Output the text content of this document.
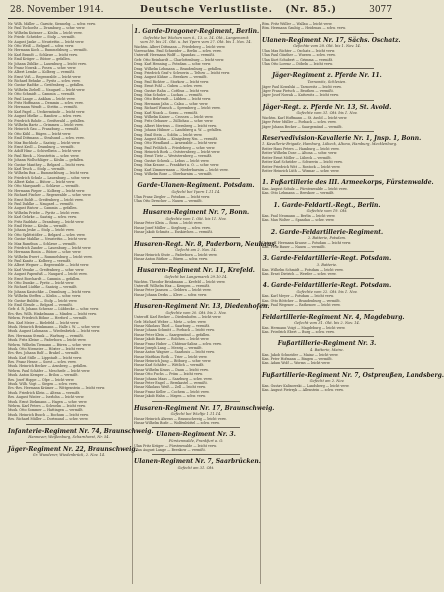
28. November 1914.	Deutsche Verlustliste. (Nr. 85.)	3077
Nr. Wilh. Mäller — Garnitz, Siennebg. — schw. verw.
Nr. Paul Tschoeltz — Dramburg — schw. verw.
Nr. Wilhelm Kutzner — Köslin — leicht verw.
Nr. Friedr. Schröder — Stolp — vermißt.
Nr. August Janke — Neustettin — leicht verw.
Nr. Otto Weiß — Belgard — schw. verw.
Nr. Hermann Koch — Rummelsburg — vermißt.
Nr. Karl Brandt — Schlawe — leicht verw.
Nr. Emil Krüger — Bütow — gefallen.
Nr. Johann Zühlke — Lauenburg — leicht verw.
Nr. Franz Nowak — Posen — schw. verw.
Nr. Albert Lemke — Kolberg — vermißt.
Nr. Ernst Voß — Regenwalde — leicht verw.
Nr. Richard Behnke — Pyritz — schw. verw.
Nr. Gustav Radtke — Greifenberg — gefallen.
Nr. Wilhelm Ziebell — Naugard — leicht verw.
Nr. Otto Schmidt — Cammin — vermißt.
Nr. Paul Lange — Anklam — leicht verw.
Nr. Fritz Hoffmann — Demmin — schw. verw.
Nr. Hermann Wendt — Stettin — vermißt.
Nr. Karl Pagel — Ueckermünde — leicht verw.
Nr. August Mielke — Randow — schw. verw.
Nr. Friedrich Rohde — Greifswald — gefallen.
Nr. Wilhelm Bartz — Grimmen — leicht verw.
Nr. Heinrich Gau — Franzburg — vermißt.
Nr. Otto Kühl — Rügen — leicht verw.
Nr. Emil Dittmann — Stralsund — schw. verw.
Nr. Max Buchholz — Saatzig — leicht verw.
Nr. Ernst Kroll — Dramburg — vermißt.
Nr. Adolf Hinz — Schivelbein — leicht verw.
Nr. Paul Rieck — Neustettin — schw. verw.
Nr. Johann Wollschläger — Köslin — gefallen.
Nr. Gustav Manthey — Belgard — leicht verw.
Nr. Karl Tesch — Stolp — vermißt.
Nr. Wilhelm Rux — Rummelsburg — leicht verw.
Nr. Friedrich Schulz — Lauenburg — schw. verw.
Nr. Albert Kuhn — Bütow — leicht verw.
Nr. Otto Marquardt — Schlawe — vermißt.
Nr. Hermann Pieper — Kolberg — leicht verw.
Nr. Richard Fischer — Regenwalde — schw. verw.
Nr. Ernst Boldt — Greifenberg — leicht verw.
Nr. Paul Dahlke — Naugard — vermißt.
Nr. August Ristow — Cammin — gefallen.
Nr. Wilhelm Priebe — Pyritz — leicht verw.
Nr. Karl Gehrke — Saatzig — schw. verw.
Nr. Fritz Raddatz — Dramburg — leicht verw.
Nr. Emil Heise — Köslin — vermißt.
Nr. Johann Jeske — Stolp — leicht verw.
Nr. Otto Splittstößer — Belgard — schw. verw.
Nr. Gustav Mahlke — Neustettin — leicht verw.
Nr. Max Ramthun — Schlawe — vermißt.
Nr. Friedrich Zander — Lauenburg — leicht verw.
Nr. Hermann Bonin — Bütow — schw. verw.
Nr. Wilhelm Ewert — Rummelsburg — leicht verw.
Nr. Paul Kanitz — Kolberg — vermißt.
Nr. Albert Wegner — Regenwalde — leicht verw.
Nr. Karl Venske — Greifenberg — schw. verw.
Nr. August Papenfuß — Naugard — leicht verw.
Nr. Ernst Borchardt — Cammin — gefallen.
Nr. Otto Dumke — Pyritz — leicht verw.
Nr. Richard Lüdtke — Saatzig — vermißt.
Nr. Johann Kasischke — Dramburg — leicht verw.
Nr. Wilhelm Steffen — Köslin — schw. verw.
Nr. Gustav Bublitz — Stolp — leicht verw.
Nr. Emil Glende — Belgard — vermißt.
Gefr. d. R. Johann Schwarz — Lübbecke — schw. verw.
Ers.-Res. Wilh. Hinkelmann — Minden — leicht verw.
Wehrm. Friedrich Böhne — Herford — vermißt.
Res. Karl Meier — Bielefeld — leicht verw.
Musk. Heinrich Brinkmann — Halle i. W. — schw. verw.
Musk. August Lohmann — Wiedenbrück — leicht verw.
Res. Hermann Strunk — Warburg — vermißt.
Musk. Fritz Kleine — Paderborn — leicht verw.
Wehrm. Wilhelm Tiemann — Büren — schw. verw.
Musk. Otto Niemeier — Höxter — leicht verw.
Ers.-Res. Johann Rolf — Brakel — vermißt.
Musk. Karl Stille — Lippstadt — leicht verw.
Res. Franz Hense — Soest — schw. verw.
Musk. Heinrich Becker — Arnsberg — gefallen.
Wehrm. Paul Schäfer — Meschede — leicht verw.
Musk. Anton Kemper — Brilon — vermißt.
Res. Josef Hoppe — Olpe — leicht verw.
Musk. Wilh. Vogt — Siegen — schw. verw.
Ers.-Res. Hermann Krämer — Wittgenstein — leicht verw.
Musk. Friedrich Klein — Altena — vermißt.
Res. August Winter — Iserlohn — leicht verw.
Musk. Ernst Diekmann — Hagen — schw. verw.
Wehrm. Karl Peters — Schwelm — leicht verw.
Musk. Otto Sommer — Hattingen — vermißt.
Musk. Heinrich Busch — Bochum — leicht verw.
Res. Richard Müller — Dortmund — schw. verw.
Infanterie-Regiment Nr. 74, Braunschweig.
Hannover, Weißenburg, Scharnhorst, Nr. 54.
Jäger-Regiment Nr. 22, Braunschweig.
Gr. Wunderer, Wiedenbrück, 2. Nov. 14.
1. Garde-Dragoner-Regiment, Berlin.
Gefechte bei Wielzen vom 6., 13. u. 14. Okt., Langemarck
vom 19. bis 21. Okt. u. bei Ypern vom 27. Okt. bis 1. Nov. 14.
Wachtm. Albert Dittmann — Friedeberg — leicht verw.
Vizewachtm. Paul Schneider — Berlin — schw. verw.
Unteroff. Hermann Wolff — Spandau — vermißt.
Gefr. Otto Reinhardt — Charlottenburg — leicht verw.
Drag. Karl Henning — Potsdam — schw. verw.
Drag. Wilhelm Lehmann — Brandenburg — gefallen.
Drag. Friedrich Graf v. Schwerin — Teltow — leicht verw.
Drag. August Kühne — Beeskow — vermißt.
Drag. Paul Richter — Storkow — leicht verw.
Drag. Ernst Pohl — Guben — schw. verw.
Drag. Gustav Rahn — Cottbus — leicht verw.
Drag. Max Schulze — Luckau — vermißt.
Drag. Otto Behrendt — Lübben — leicht verw.
Drag. Hermann Jahn — Calau — schw. verw.
Drag. Richard Wunsch — Spremberg — leicht verw.
Drag. Karl Noack — Sorau — vermißt.
Drag. Wilhelm Kaiser — Crossen — leicht verw.
Drag. Fritz Gebauer — Züllichau — schw. verw.
Drag. Albert Mertens — Sternberg — leicht verw.
Drag. Johann Hübner — Landsberg a. W. — gefallen.
Drag. Emil Stein — Soldin — leicht verw.
Drag. August Kühn — Königsberg Nm. — vermißt.
Drag. Otto Wendland — Arnswalde — leicht verw.
Drag. Paul Fröhlich — Friedeberg — schw. verw.
Drag. Heinrich Bork — Oststernberg — leicht verw.
Drag. Ernst Tietz — Weststernberg — vermißt.
Drag. Gustav Schenk — Lebus — leicht verw.
Drag. Max Krause — Frankfurt a. O. — schw. verw.
Drag. Karl Zimmermann — Niederbarnim — leicht verw.
Drag. Wilhelm Rose — Oberbarnim — vermißt.
Garde-Ulanen-Regiment. Potsdam.
Gefecht bei Ypern 1.11.14.
Ulan Franz Ziegler — Potsdam — leicht verw.
Ulan Otto Drescher — Nauen — vermißt.
Husaren-Regiment Nr. 7, Bonn.
Gefechte vom 1. Okt. bis 11. Nov.
Husar Peter Klein — Bonn — leicht verw.
Husar Josef Müller — Siegburg — schw. verw.
Husar Jakob Schmitz — Euskirchen — vermißt.
Husaren-Regt. Nr. 8, Paderborn, Neuhaus.
Gefecht am 2. Nov. 14.
Husar Heinrich Stute — Paderborn — leicht verw.
Husar Anton Rüther — Büren — schw. verw.
Husaren-Regiment Nr. 11, Krefeld.
Gefecht bei Langemarck 29.10.14.
Wachtm. Theodor Brinkmann — Krefeld — leicht verw.
Unteroff. Wilhelm Hax — Kempen — vermißt.
Husar Peter Janssen — Geldern — leicht verw.
Husar Johann Derks — Kleve — schw. verw.
Husaren-Regiment Nr. 13, Diedenhofen.
Gefechte vom 20. Okt. bis 2. Nov.
Unteroff. Karl Becker — Diedenhofen — leicht verw.
Gefr. Michael Weber — Metz — schw. verw.
Husar Nikolaus Thiel — Saarburg — vermißt.
Husar Johann Schmitt — Forbach — leicht verw.
Husar Peter Klein — Saargemünd — gefallen.
Husar Jakob Bauer — Bolchen — leicht verw.
Husar Franz Huber — Château-Salins — schw. verw.
Husar Joseph Lang — Merzig — vermißt.
Husar Anton Wagner — Saarlouis — leicht verw.
Husar Matthias Roth — Trier — leicht verw.
Husar Heinrich Jung — Bitburg — schw. verw.
Husar Karl Schäfer — Wittlich — vermißt.
Husar Wilhelm Kraus — Daun — leicht verw.
Husar Otto Fuchs — Prüm — leicht verw.
Husar Johann Maas — Saarburg — schw. verw.
Husar Peter Engel — Bernkastel — vermißt.
Husar Nikolaus Weiß — Zell — leicht verw.
Husar Franz Keller — Cochem — leicht verw.
Husar Jakob Hahn — Mayen — schw. verw.
Husaren-Regiment Nr. 17, Braunschweig.
Gefecht bei Wieltje 1.11.14.
Husar Heinrich Ahrens — Braunschweig — leicht verw.
Husar Wilhelm Bode — Wolfenbüttel — schw. verw.
Ulanen-Regiment Nr. 3.
Fürstenwalde, Frankfurt a. O.
Ulan Fritz Krüger — Fürstenwalde — leicht verw.
Ulan August Lange — Beeskow — vermißt.
Ulanen-Regiment Nr. 7, Saarbrücken.
Gefecht am 31. Okt.
Rtm. Fritz Wüller — Wallau — leicht verw.
Rtm. Hermann Gaubig — Heidenau — schw. verw.
Ulanen-Regiment Nr. 17, Sächs. Oschatz.
Gefechte vom 28. Okt. bis 1. Nov. 14.
Ulan Max Richter — Oschatz — leicht verw.
Ulan Paul Günther — Wurzen — schw. verw.
Ulan Kurt Schubert — Grimma — vermißt.
Ulan Otto Lorenz — Döbeln — leicht verw.
Jäger-Regiment z. Pferde Nr. 11.
Tarnowitz, Schlesien.
Jäger Paul Kowalski — Tarnowitz — leicht verw.
Jäger Franz Pietsch — Beuthen — vermißt.
Jäger Josef Nowak — Kattowitz — leicht verw.
Jäger-Regt. z. Pferde Nr. 13, St. Avold.
Gefechte vom 31. Okt. bis 1. Nov.
Wachtm. Karl Hoffmann — St. Avold — leicht verw.
Jäger Peter Müller — Forbach — schw. verw.
Jäger Johann Becker — Saargemünd — vermißt.
Reservedivision-Kavallerie Nr. 1, Jnsp. 1, Bonn.
1. Kavallerie-Brigade, Hamburg, Lübeck, Altona, Hamburg, Mecklenburg.
Reiter Hans Peters — Hamburg — leicht verw.
Reiter Wilhelm Dose — Altona — schw. verw.
Reiter Ernst Möller — Lübeck — vermißt.
Reiter Karl Schröder — Schwerin — leicht verw.
Reiter Friedrich Witt — Rostock — leicht verw.
Reiter Heinrich Lüth — Wismar — schw. verw.
1. Fußartillerie des III. Armeekorps, Fürstenwalde.
Kan. August Schulz — Fürstenwalde — leicht verw.
Kan. Otto Lehmann — Beeskow — vermißt.
1. Garde-Feldartl.-Regt., Berlin.
Gefechte vom 19. Okt.
Kan. Paul Neumann — Berlin — leicht verw.
Kan. Max Wolter — Spandau — schw. verw.
2. Garde-Feldartillerie-Regiment.
2. Batterie, Potsdam.
Unteroff. Hermann Krause — Potsdam — leicht verw.
Kan. Fritz Bauer — Nauen — vermißt.
3. Garde-Feldartillerie-Regt. Potsdam.
3. Batterie.
Kan. Wilhelm Schmidt — Potsdam — leicht verw.
Kan. Ernst Dietrich — Werder — schw. verw.
4. Garde-Feldartillerie-Regt. Potsdam.
Gefechte vom 22. Okt. bis 1. Nov.
Kan. Karl Meyer — Potsdam — leicht verw.
Kan. Otto Böttcher — Brandenburg — vermißt.
Kan. Paul Wegener — Rathenow — leicht verw.
Feldartillerie-Regiment Nr. 4, Magdeburg.
Gefecht vom 31. Okt. bis 2. Nov. 14.
Kan. Hermann Voigt — Magdeburg — leicht verw.
Kan. Friedrich Ebert — Burg — schw. verw.
Fußartillerie-Regiment Nr. 3.
4. Batterie, Mainz.
Kan. Jakob Schneider — Mainz — leicht verw.
Kan. Peter Hofmann — Bingen — vermißt.
Kan. Adam Wolf — Worms — leicht verw.
Fußartillerie-Regiment Nr. 7, Ostpreußen, Landsberg.
Gefecht am 2. Nov.
Kan. Gustav Kalinowski — Landsberg — leicht verw.
Kan. August Pietrzyk — Allenstein — schw. verw.
